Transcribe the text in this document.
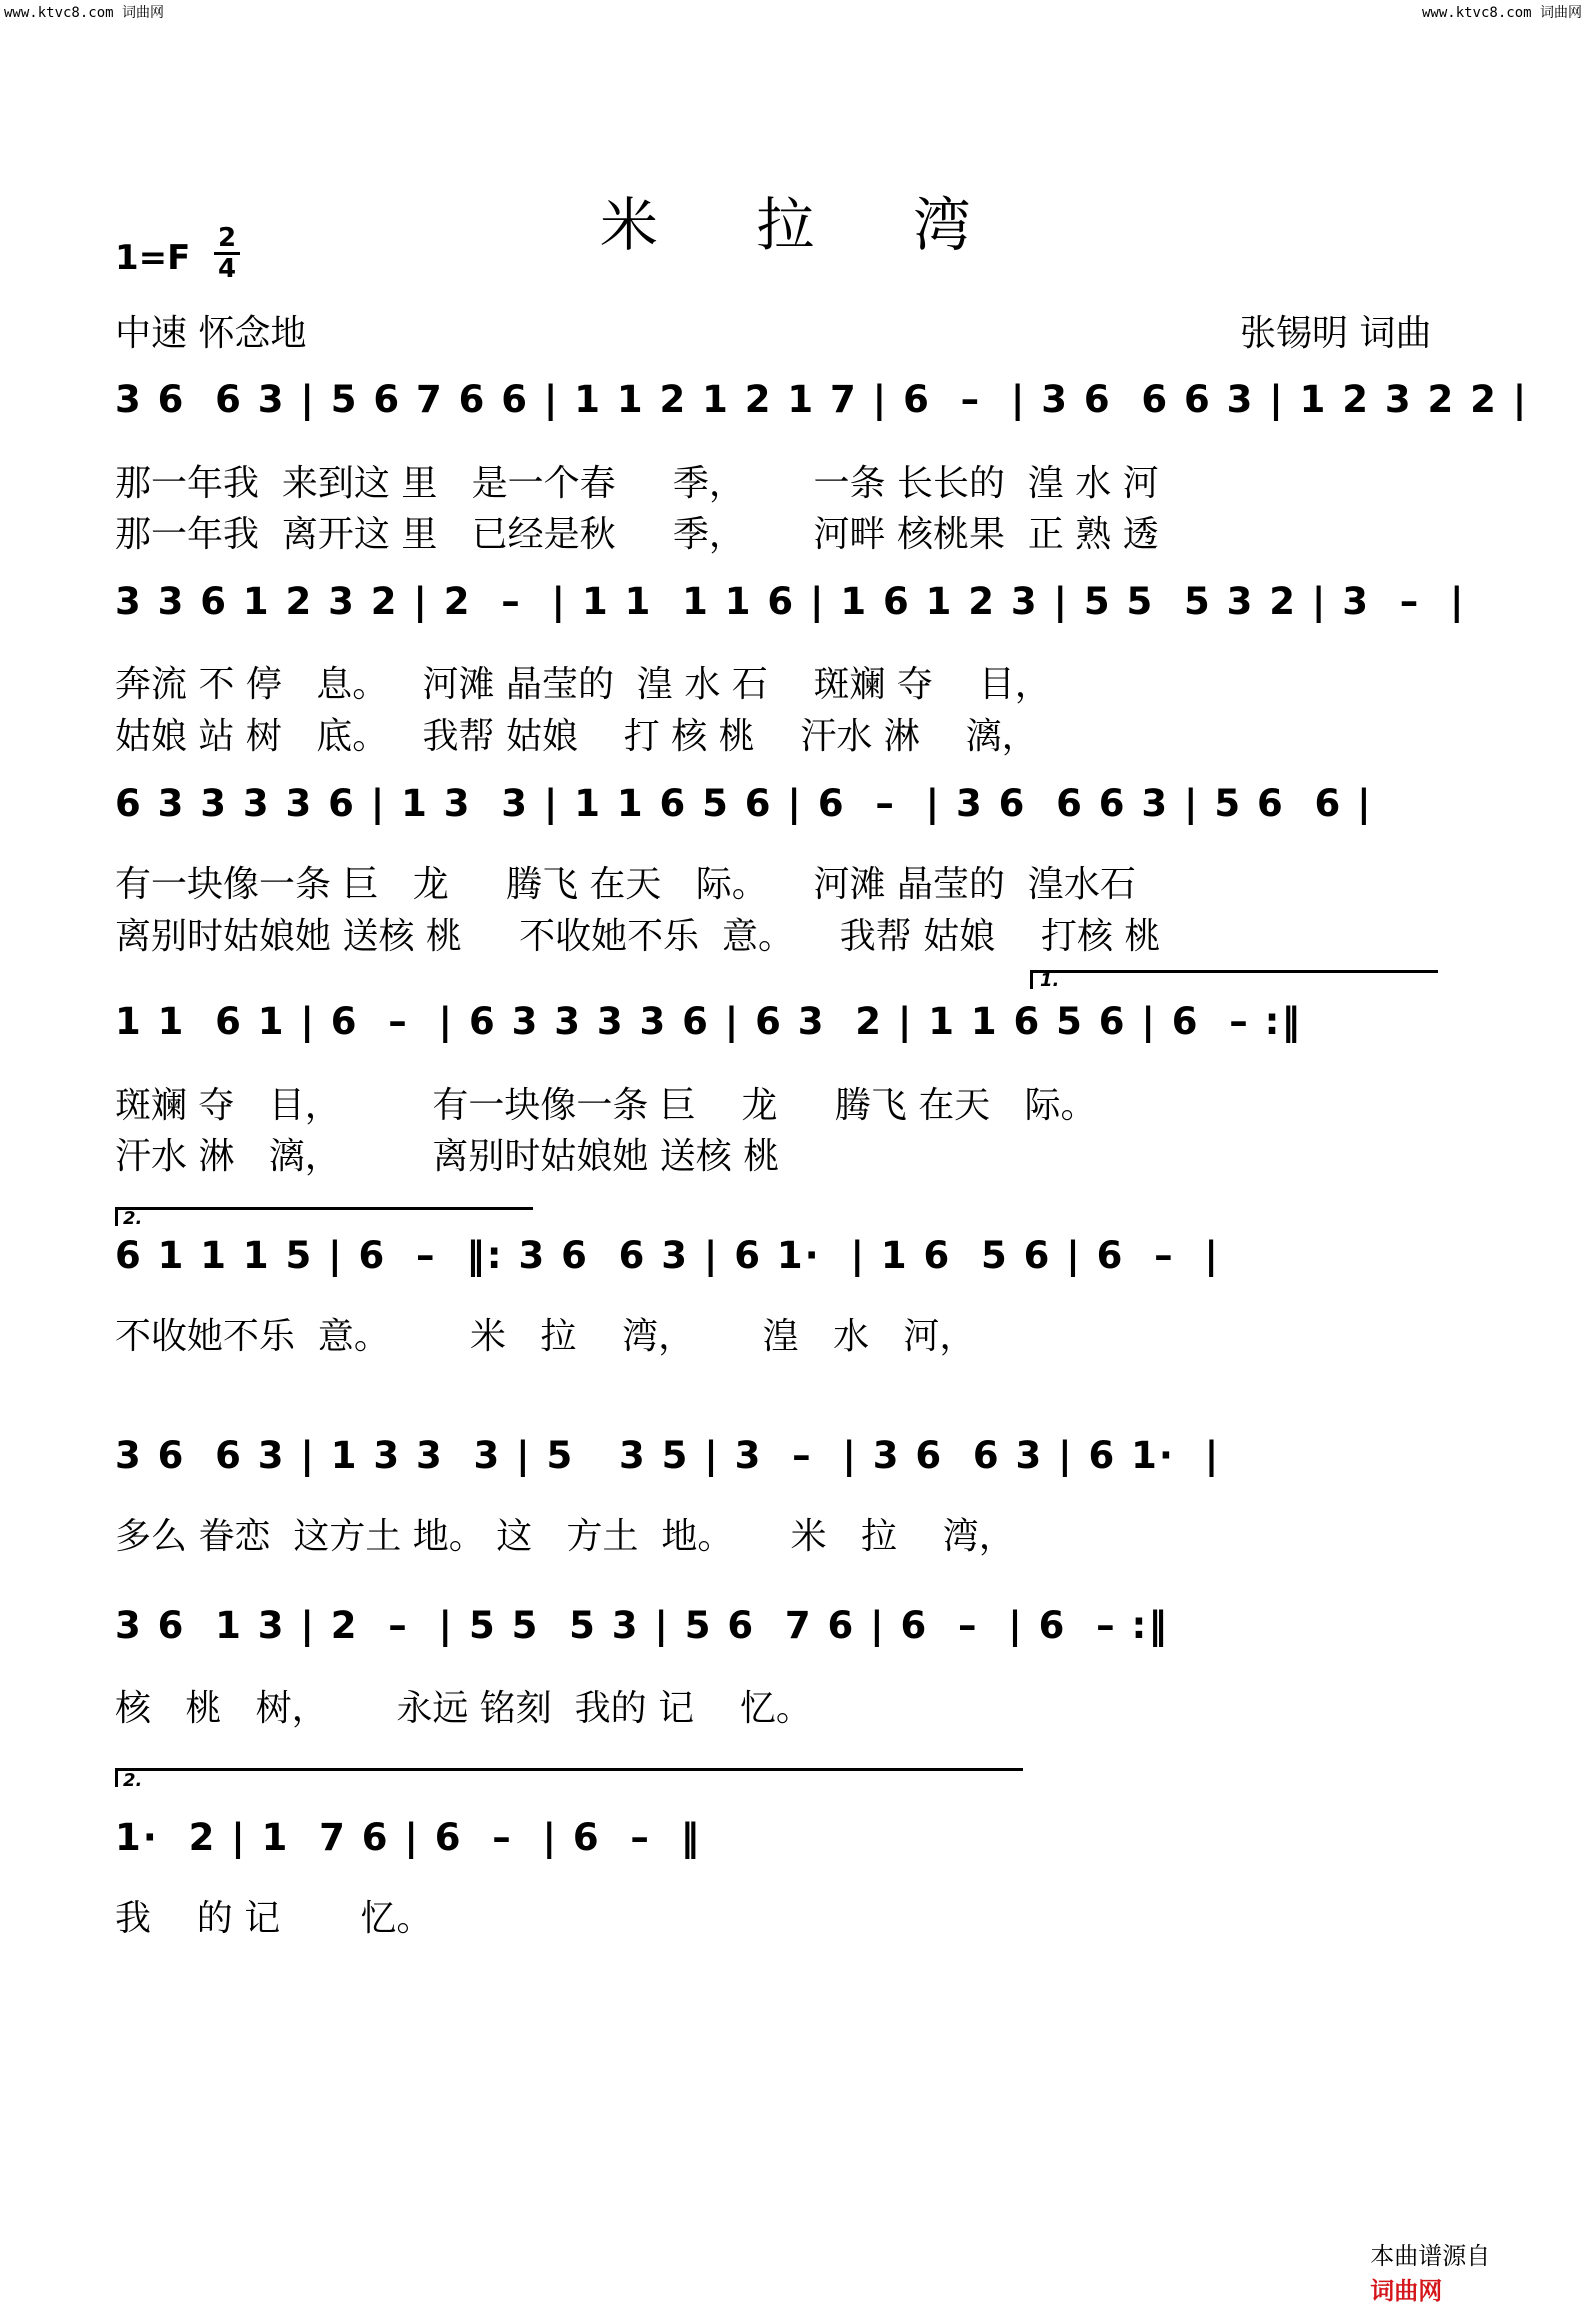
www.ktvc8.com 词曲网	www.ktvc8.com 词曲网
米 拉 湾
$1=F \frac{2}{4}$
中速 怀念地	张锡明 词曲
3 6  6 3 | 5 6 7 6 6 | 1 1 2 1 2 1 7 | 6  –  | 3 6  6 6 3 | 1 2 3 2 2 |
那一年我  来到这 里   是一个春     季，      一条 长长的  湟 水 河
那一年我  离开这 里   已经是秋     季，      河畔 核桃果  正 熟 透
3 3 6 1 2 3 2 | 2  –  | 1 1  1 1 6 | 1 6 1 2 3 | 5 5  5 3 2 | 3  –  |
奔流 不 停   息。   河滩 晶莹的  湟 水 石    斑斓 夺    目，
姑娘 站 树   底。   我帮 姑娘    打 核 桃    汗水 淋    漓，
6 3 3 3 3 6 | 1 3  3 | 1 1 6 5 6 | 6  –  | 3 6  6 6 3 | 5 6  6 |
有一块像一条 巨   龙     腾飞 在天   际。    河滩 晶莹的  湟水石
离别时姑娘她 送核 桃     不收她不乐  意。    我帮 姑娘    打核 桃
1.
1 1  6 1 | 6  –  | 6 3 3 3 3 6 | 6 3  2 | 1 1 6 5 6 | 6  – :‖
斑斓 夺   目，        有一块像一条 巨    龙     腾飞 在天   际。
汗水 淋   漓，        离别时姑娘她 送核 桃
2.
6 1 1 1 5 | 6  –  ‖: 3 6  6 3 | 6 1·  | 1 6  5 6 | 6  –  |
不收她不乐  意。       米   拉    湾，      湟   水   河，
3 6  6 3 | 1 3 3  3 | 5   3 5 | 3  –  | 3 6  6 3 | 6 1·  |
多么 眷恋  这方土 地。 这   方土  地。     米   拉    湾，
3 6  1 3 | 2  –  | 5 5  5 3 | 5 6  7 6 | 6  –  | 6  – :‖
核   桃   树，      永远 铭刻  我的 记    忆。
2.
1·  2 | 1  7 6 | 6  –  | 6  –  ‖
我    的 记       忆。

本曲谱源自
词曲网
